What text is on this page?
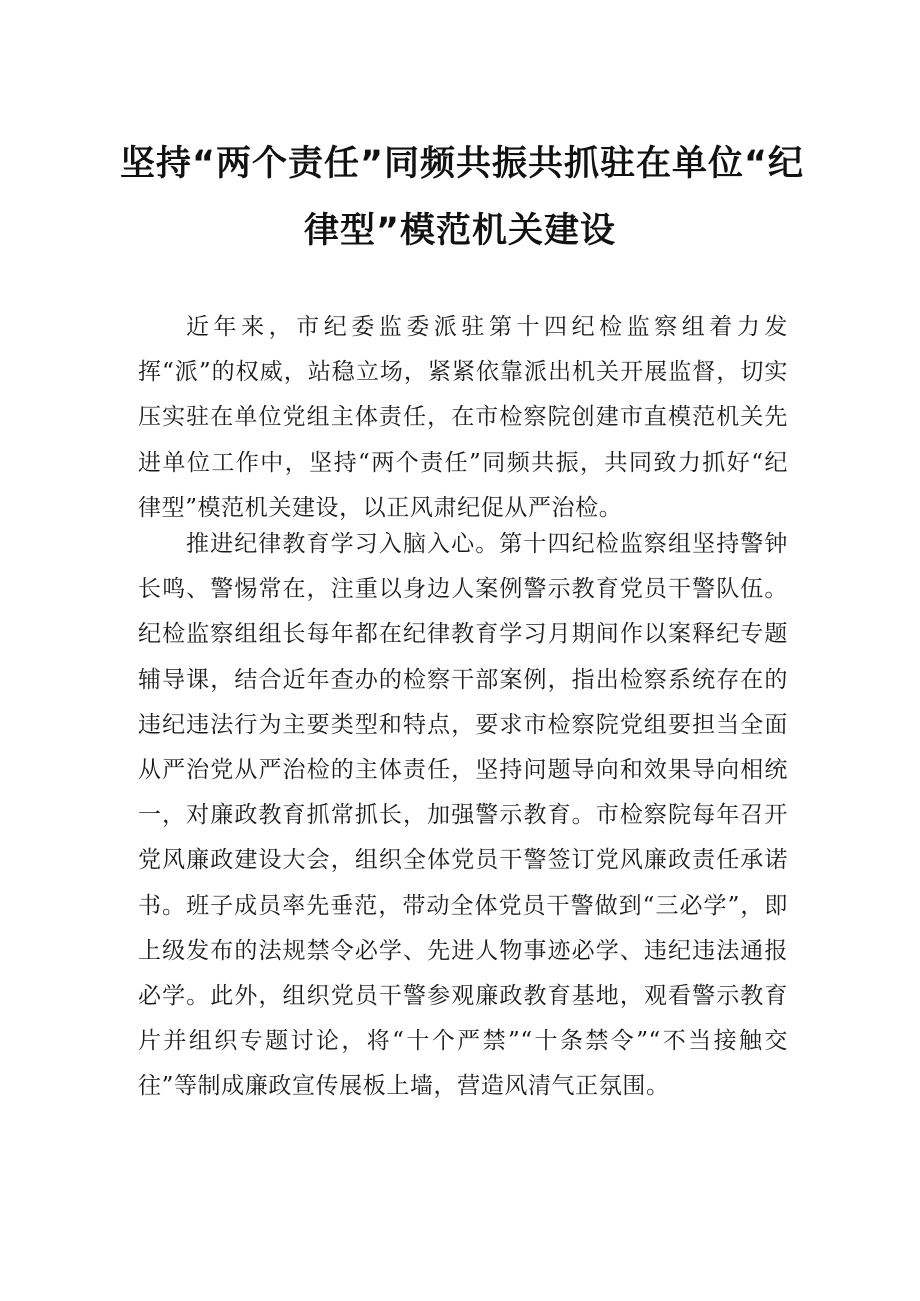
坚持“两个责任”同频共振共抓驻在单位“纪
律型”模范机关建设

近年来，市纪委监委派驻第十四纪检监察组着力发挥“派”的权威，站稳立场，紧紧依靠派出机关开展监督，切实压实驻在单位党组主体责任，在市检察院创建市直模范机关先进单位工作中，坚持“两个责任”同频共振，共同致力抓好“纪律型”模范机关建设，以正风肃纪促从严治检。

推进纪律教育学习入脑入心。第十四纪检监察组坚持警钟长鸣、警惕常在，注重以身边人案例警示教育党员干警队伍。纪检监察组组长每年都在纪律教育学习月期间作以案释纪专题辅导课，结合近年查办的检察干部案例，指出检察系统存在的违纪违法行为主要类型和特点，要求市检察院党组要担当全面从严治党从严治检的主体责任，坚持问题导向和效果导向相统一，对廉政教育抓常抓长，加强警示教育。市检察院每年召开党风廉政建设大会，组织全体党员干警签订党风廉政责任承诺书。班子成员率先垂范，带动全体党员干警做到“三必学”，即上级发布的法规禁令必学、先进人物事迹必学、违纪违法通报必学。此外，组织党员干警参观廉政教育基地，观看警示教育片并组织专题讨论，将“十个严禁”“十条禁令”“不当接触交往”等制成廉政宣传展板上墙，营造风清气正氛围。
